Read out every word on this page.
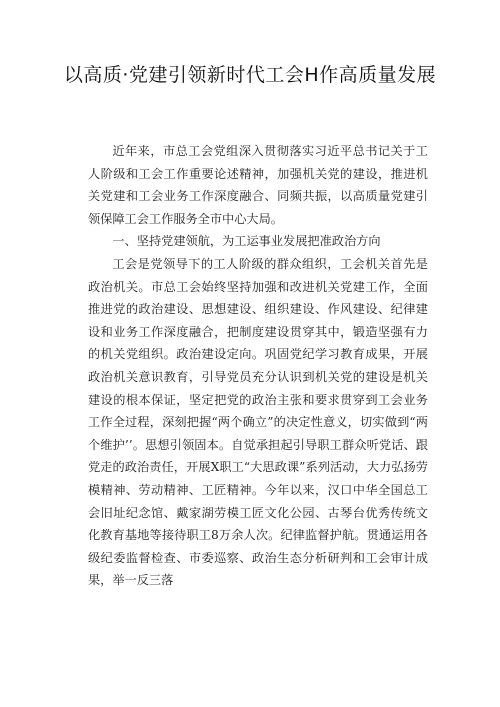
以高质·党建引领新时代工会H作高质量发展

近年来，市总工会党组深入贯彻落实习近平总书记关于工人阶级和工会工作重要论述精神，加强机关党的建设，推进机关党建和工会业务工作深度融合、同频共振，以高质量党建引领保障工会工作服务全市中心大局。

一、坚持党建领航，为工运事业发展把准政治方向

工会是党领导下的工人阶级的群众组织，工会机关首先是政治机关。市总工会始终坚持加强和改进机关党建工作，全面推进党的政治建设、思想建设、组织建设、作风建设、纪律建设和业务工作深度融合，把制度建设贯穿其中，锻造坚强有力的机关党组织。政治建设定向。巩固党纪学习教育成果，开展政治机关意识教育，引导党员充分认识到机关党的建设是机关建设的根本保证，坚定把党的政治主张和要求贯穿到工会业务工作全过程，深刻把握“两个确立”的决定性意义，切实做到“两个维护’’。思想引领固本。自觉承担起引导职工群众听党话、跟党走的政治责任，开展X职工“大思政课”系列活动，大力弘扬劳模精神、劳动精神、工匠精神。今年以来，汉口中华全国总工会旧址纪念馆、戴家湖劳模工匠文化公园、古琴台优秀传统文化教育基地等接待职工8万余人次。纪律监督护航。贯通运用各级纪委监督检查、市委巡察、政治生态分析研判和工会审计成果，举一反三落
